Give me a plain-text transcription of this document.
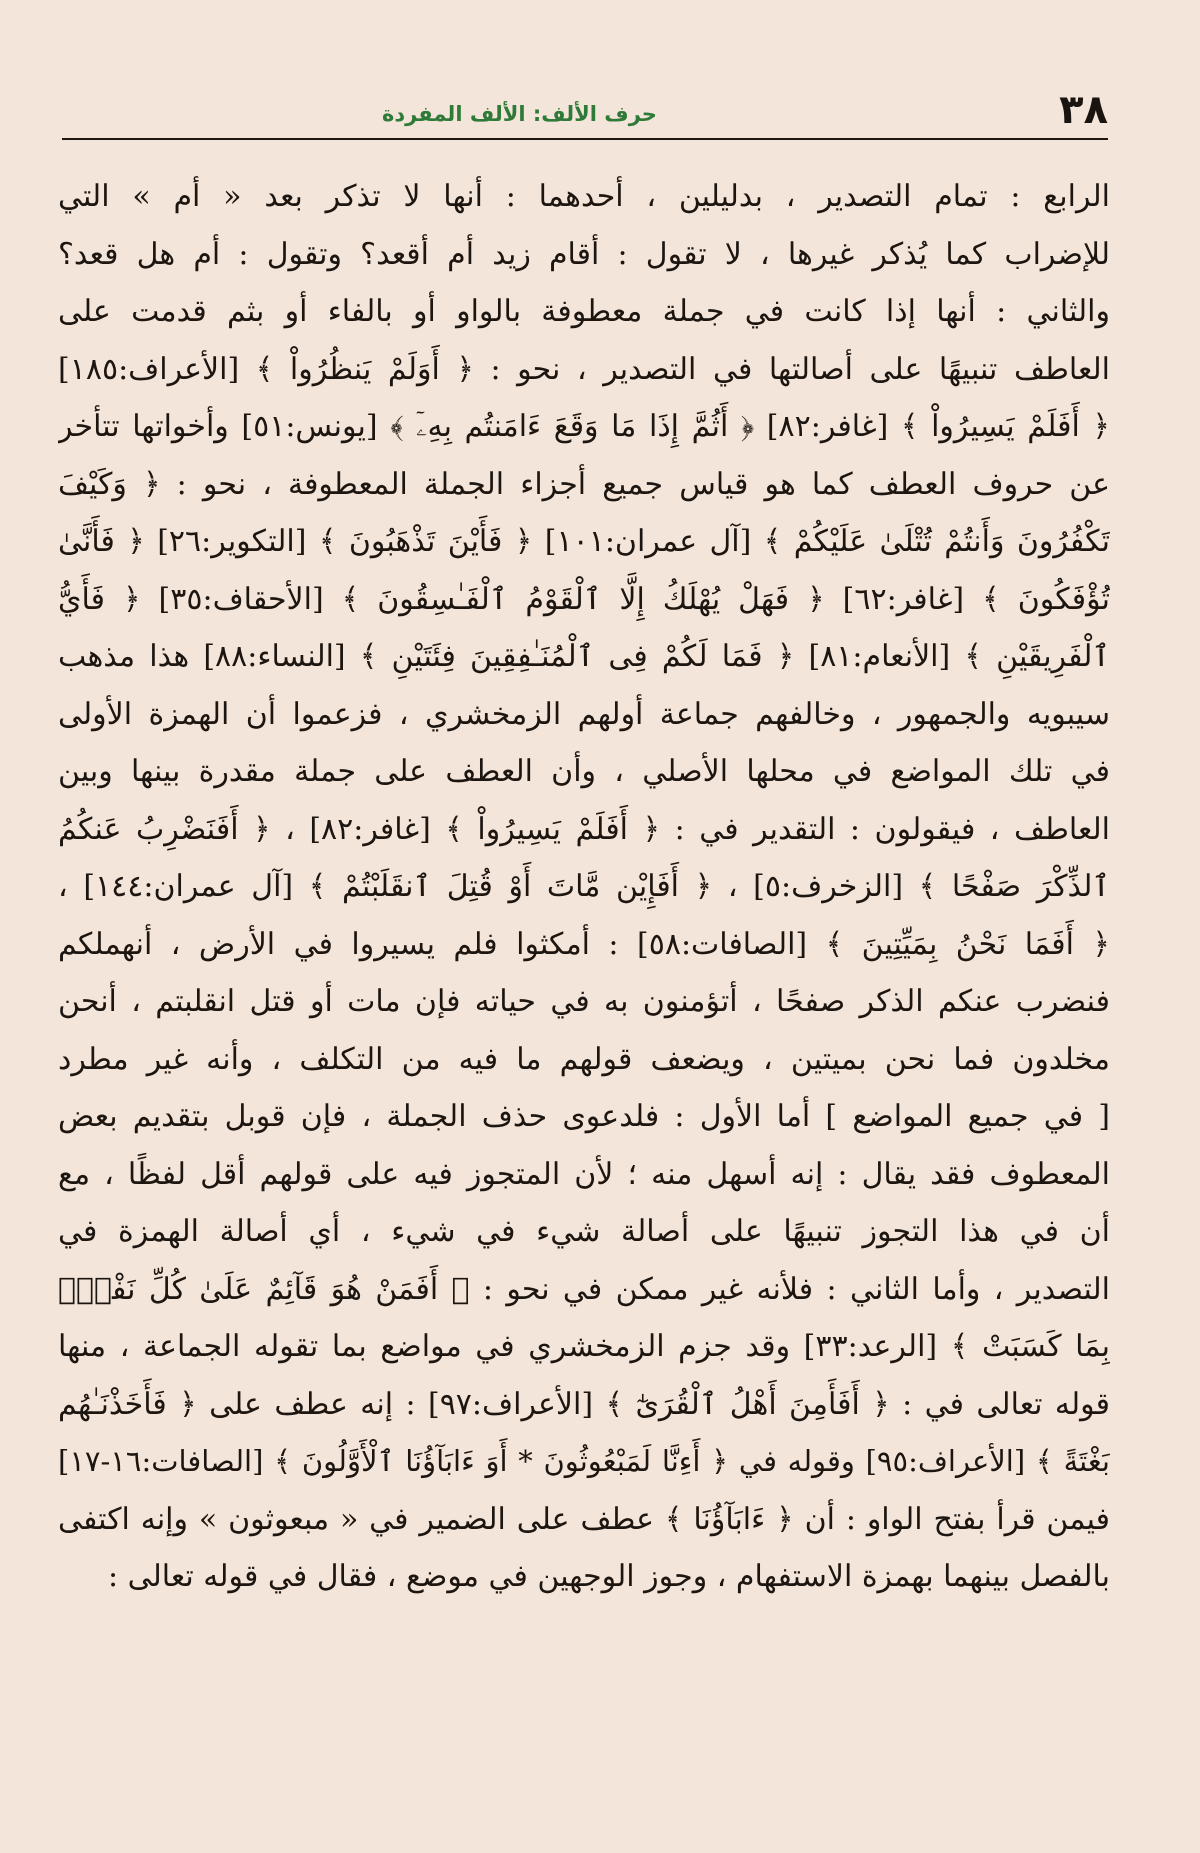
٣٨
حرف الألف: الألف المفردة
الرابع : تمام التصدير ، بدليلين ، أحدهما : أنها لا تذكر بعد « أم » التي
للإضراب كما يُذكر غيرها ، لا تقول : أقام زيد أم أقعد؟ وتقول : أم هل قعد؟
والثاني : أنها إذا كانت في جملة معطوفة بالواو أو بالفاء أو بثم قدمت على
العاطف تنبيهًا على أصالتها في التصدير ، نحو : ﴿ أَوَلَمْ يَنظُرُواْ ﴾ [الأعراف:١٨٥]
﴿ أَفَلَمْ يَسِيرُواْ ﴾ [غافر:٨٢] ﴿ أَثُمَّ إِذَا مَا وَقَعَ ءَامَنتُم بِهِۦٓ ﴾ [يونس:٥١] وأخواتها تتأخر
عن حروف العطف كما هو قياس جميع أجزاء الجملة المعطوفة ، نحو : ﴿ وَكَيْفَ
تَكْفُرُونَ وَأَنتُمْ تُتْلَىٰ عَلَيْكُمْ ﴾ [آل عمران:١٠١] ﴿ فَأَيْنَ تَذْهَبُونَ ﴾ [التكوير:٢٦] ﴿ فَأَنَّىٰ
تُؤْفَكُونَ ﴾ [غافر:٦٢] ﴿ فَهَلْ يُهْلَكُ إِلَّا ٱلْقَوْمُ ٱلْفَـٰسِقُونَ ﴾ [الأحقاف:٣٥] ﴿ فَأَيُّ
ٱلْفَرِيقَيْنِ ﴾ [الأنعام:٨١] ﴿ فَمَا لَكُمْ فِى ٱلْمُنَـٰفِقِينَ فِئَتَيْنِ ﴾ [النساء:٨٨] هذا مذهب
سيبويه والجمهور ، وخالفهم جماعة أولهم الزمخشري ، فزعموا أن الهمزة الأولى
في تلك المواضع في محلها الأصلي ، وأن العطف على جملة مقدرة بينها وبين
العاطف ، فيقولون : التقدير في : ﴿ أَفَلَمْ يَسِيرُواْ ﴾ [غافر:٨٢] ، ﴿ أَفَنَضْرِبُ عَنكُمُ
ٱلذِّكْرَ صَفْحًا ﴾ [الزخرف:٥] ، ﴿ أَفَإِيْن مَّاتَ أَوْ قُتِلَ ٱنقَلَبْتُمْ ﴾ [آل عمران:١٤٤] ،
﴿ أَفَمَا نَحْنُ بِمَيِّتِينَ ﴾ [الصافات:٥٨] : أمكثوا فلم يسيروا في الأرض ، أنهملكم
فنضرب عنكم الذكر صفحًا ، أتؤمنون به في حياته فإن مات أو قتل انقلبتم ، أنحن
مخلدون فما نحن بميتين ، ويضعف قولهم ما فيه من التكلف ، وأنه غير مطرد
[ في جميع المواضع ] أما الأول : فلدعوى حذف الجملة ، فإن قوبل بتقديم بعض
المعطوف فقد يقال : إنه أسهل منه ؛ لأن المتجوز فيه على قولهم أقل لفظًا ، مع
أن في هذا التجوز تنبيهًا على أصالة شيء في شيء ، أي أصالة الهمزة في
التصدير ، وأما الثاني : فلأنه غير ممكن في نحو : ﴿ أَفَمَنْ هُوَ قَآئِمٌ عَلَىٰ كُلِّ نَفْسٍۭ
بِمَا كَسَبَتْ ﴾ [الرعد:٣٣] وقد جزم الزمخشري في مواضع بما تقوله الجماعة ، منها
قوله تعالى في : ﴿ أَفَأَمِنَ أَهْلُ ٱلْقُرَىٰٓ ﴾ [الأعراف:٩٧] : إنه عطف على ﴿ فَأَخَذْنَـٰهُم
بَغْتَةً ﴾ [الأعراف:٩٥] وقوله في ﴿ أَءِنَّا لَمَبْعُوثُونَ * أَوَ ءَابَآؤُنَا ٱلْأَوَّلُونَ ﴾ [الصافات:١٦-١٧]
فيمن قرأ بفتح الواو : أن ﴿ ءَابَآؤُنَا ﴾ عطف على الضمير في « مبعوثون » وإنه اكتفى
بالفصل بينهما بهمزة الاستفهام ، وجوز الوجهين في موضع ، فقال في قوله تعالى :
